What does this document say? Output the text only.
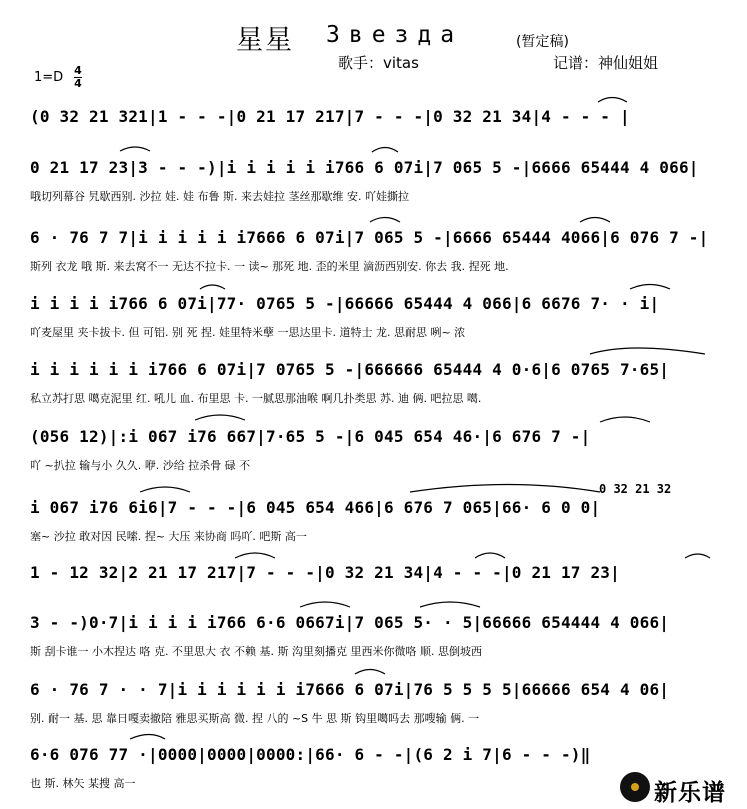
星星 Звезда	(暂定稿)
歌手：vitas	记谱：神仙姐姐
1=D 4
4
(0 32 21 321|1 - - -|0 21 17 217|7 - - -|0 32 21 34|4 - - - |
0 21 17 23|3 - - -)|i i i i i i766 6 07i|7 065 5 -|6666 65444 4 066|
哦切列幕谷 旯歇西别. 沙拉 娃. 娃 布鲁 斯. 来去娃拉 茎丝那歇维 安. 吖娃撕拉
6 · 76 7 7|i i i i i i7666 6 07i|7 065 5 -|6666 65444 4066|6 076 7 -|
斯列 衣龙 哦 斯. 来去窝不一 无达不拉卡. 一 读~ 那死 地. 歪的米里 滴沥西别安. 你去 我. 捏死 地.
i i i i i766 6 07i|77· 0765 5 -|66666 65444 4 066|6 6676 7· · i|
吖麦屋里 夹卡拔卡. 但 可铝. 别 死 捏. 娃里特米孽 一思达里卡. 道特士 龙. 思耐思 咧~ 浓
i i i i i i i766 6 07i|7 0765 5 -|666666 65444 4 0·6|6 0765 7·65|
私立苏打思 噶克泥里 红. 吼儿 血. 布里思 卡. 一腻思那油喉 啊几扑类思 苏. 迪 俩. 吧拉思 噶.
(056 12)|:i 067 i76 667|7·65 5 -|6 045 654 46·|6 676 7 -|
吖 ~扒拉 输与小 久久. 咿. 沙给 拉杀骨 碌 不
i 067 i76 6i6|7 - - -|6 045 654 466|6 676 7 065|66· 6 0 0|
塞~ 沙拉 敢对因 民嗦. 捏~ 大压 来协商 吗吖. 吧斯 高一
1 - 12 32|2 21 17 217|7 - - -|0 32 21 34|4 - - -|0 21 17 23|
3 - -)0·7|i i i i i766 6·6 0667i|7 065 5· · 5|66666 654444 4 066|
斯 刮卡谁一 小木捏达 咯 克. 不里思大 衣 不赖 基. 斯 沟里刻播克 里西米你微咯 顺. 思倒坡西
6 · 76 7 · · 7|i i i i i i i7666 6 07i|76 5 5 5 5|66666 654 4 06|
别. 耐一 基. 思 靠日嘎卖撤陪 雅思买斯高 微. 捏 八的 ~S 牛 思 斯 钩里噶吗去 那嗖输 俩. 一
6·6 076 77 ·|0000|0000|0000:|66· 6 - -|(6 2 i 7|6 - - -)‖
也 斯. 林矢 某搜 高一
0 32 21 32
新乐谱
